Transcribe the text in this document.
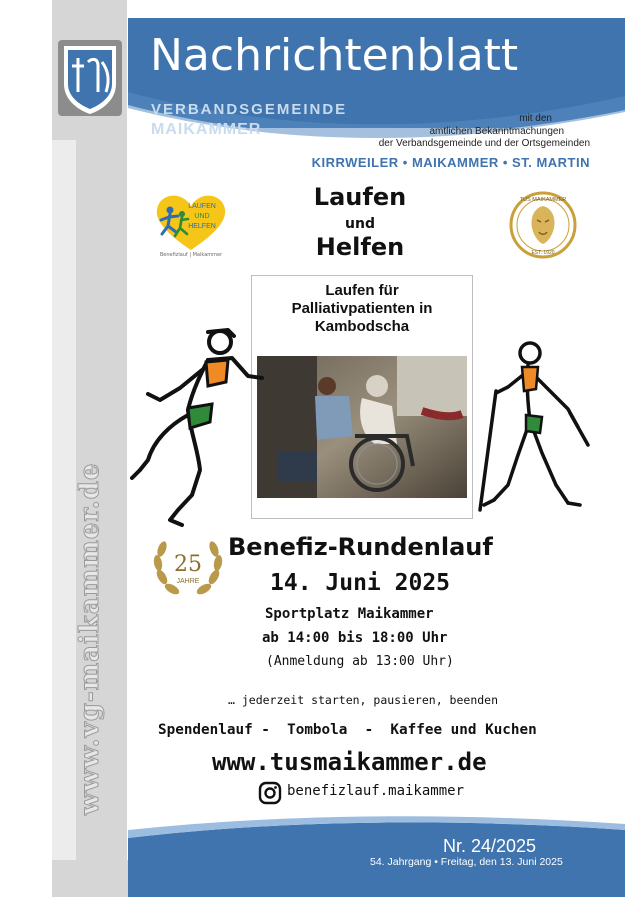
www.vg-maikammer.de
Nachrichtenblatt
VERBANDSGEMEINDE
MAIKAMMER
mit den
amtlichen Bekanntmachungen
der Verbandsgemeinde und der Ortsgemeinden
KIRRWEILER • MAIKAMMER • ST. MARTIN
LAUFEN
UND
HELFEN
Benefizlauf | Maikammer
TUS MAIKAMMER
EST. 1920
Laufen
und
Helfen
Laufen für
Palliativpatienten in
Kambodscha
25
JAHRE
Benefiz-Rundenlauf
14. Juni 2025
Sportplatz Maikammer
ab 14:00 bis 18:00 Uhr
(Anmeldung ab 13:00 Uhr)
… jederzeit starten, pausieren, beenden
Spendenlauf -  Tombola  -  Kaffee und Kuchen
www.tusmaikammer.de
benefizlauf.maikammer
Nr. 24/2025
54. Jahrgang • Freitag, den 13. Juni 2025
